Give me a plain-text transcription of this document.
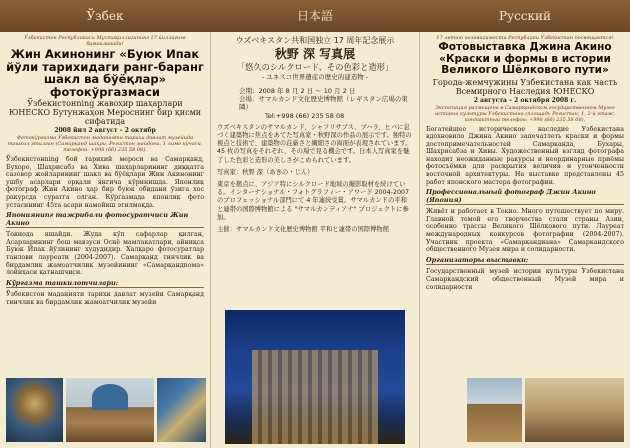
Ўзбек	日本語	Русский

Ўзбекистон Республикаси Мустақиллигининг 17 йиллигига бағишланади!

Жин Акинонинг «Буюк Ипак йўли тарихидаги ранг-баранг шакл ва бўёқлар» фотокўргазмаси

Ўзбекистонning жавоҳир шаҳарлари ЮНЕСКО Бутунжаҳон Мероснинг бир қисми сифатида

2008 йил 2 август – 2 октябр

Фотокўргазма Ўзбекистон маданияти тарихи давлат музейида ташкил этилган (Самарқанд шаҳри, Регистон майдони, 1 лимо кўчаси, телефон: +998 (66) 235 58 08).

Ўзбекистонning бой тарихий мероси ва Самарқанд, Бухоро, Шаҳрисабз ва Хива шаҳарларининг диққатга сазовор жойларининг шакл ва бўёқлари Жин Акинонинг ушбу асарлари орқали янгича кўринишда. Японлик фотограф Жин Акино ҳар бир буюк обидани ўзига хос ракурсда суратга олган. Кўргазмада японлик фото устасининг 45та асари намойиш этилмоқда.

Японияниnг тажрибали фотосуратчиси Жин Акино

Токиода яшайди. Жуда кўп сафарлар қилган, Асарларининг бош мавзуси Осиё мамлакатлари, айниқса Буюк Ипак йўлининг худудидир. Халқаро фотосуратлар танлови лауреати (2004-2007). Самарқанд тинчлик ва бирдамлик жамоатчилик музейининг «Самарқандnома» лойиҳаси қатнашчиси.

Кўргазма ташкилотчилари:

Ўзбекистон маданияти тарихи давлат музейи Самарқанд тинчлик ва бирдамлик жамоатчилик музейи

ウズベキスタン共和国独立 17 周年記念展示

秋野 深 写真展

「悠久のシルクロード、その色彩と造形」

- ユネスコ世界遺産の歴史的建造物 -

会期：2008 年 8 月 2 日 ～ 10 月 2 日

会場：サマルカンド文化歴史博物館（レギスタン広場の東隣）

Tel:+998 (66) 235 58 08

ウズベキスタンのサマルカンド、シャフリサブス、ブハラ、ヒバに息づく建築物に焦点をあてた写真家・秋野深の作品の展示です。独特の視点と技術で、建築物の荘厳さと繊細さの両面が表現されています。45 枚の写真をそれぞれ、その場で見る機会です。日本人写真家を魅了した色彩と造形の美しさがこめられています。

写真家：秋野 深（あきの・じん）

東京を拠点に、アジア特にシルクロード地域の撮影取材を続けている。インターナショナル・フォトグラフィー・アワード 2004-2007 のプロフェッショナル部門にて 4 年連続受賞。サマルカンドの平和と連帯の国際博物館による "サマルカンディアナ" プロジェクトに参加。

主催：サマルカンド文化歴史博物館 平和と連帯の国際博物館

17-летию независимости Республики Узбекистан посвящается!

Фотовыставка Джина Акино «Краски и формы в истории Великого Шёлкового пути»

Города-жемчужины Узбекистана как часть Всемирного Наследия ЮНЕСКО

2 августа – 2 октября 2008 г.

Экспозиция размещена в Самаркандском государственном Музее истории культуры Узбекистана (площадь Регистан, 1, 2-й этаж, контактный телефон: +998 (66) 235 58 08).

Богатейшее историческое наследие Узбекистана вдохновило Джина Акино запечатлеть краски и формы достопримечательностей Самарканда, Бухары, Шахрисабза и Хивы. Художественный взгляд фотографа находит неожиданные ракурсы и неординарные приёмы фотосъёмки для раскрытия величия и утонченности восточной архитектуры. На выставке представлены 45 работ японского мастера фотографии.

Профессиональный фотограф Джин Акино (Япония)

Живёт и работает в Токио. Много путешествует по миру. Главной темой его творчества стали страны Азии, особенно трассы Великого Шёлкового пути. Лауреат международных конкурсов фотографии (2004-2007). Участник проекта «Самаркандиана» Самаркандского общественного Музея мира и солидарности.

Организаторы выставки:

Государственный музей истории культуры Узбекистана Самаркандский общественный Музей мира и солидарности
